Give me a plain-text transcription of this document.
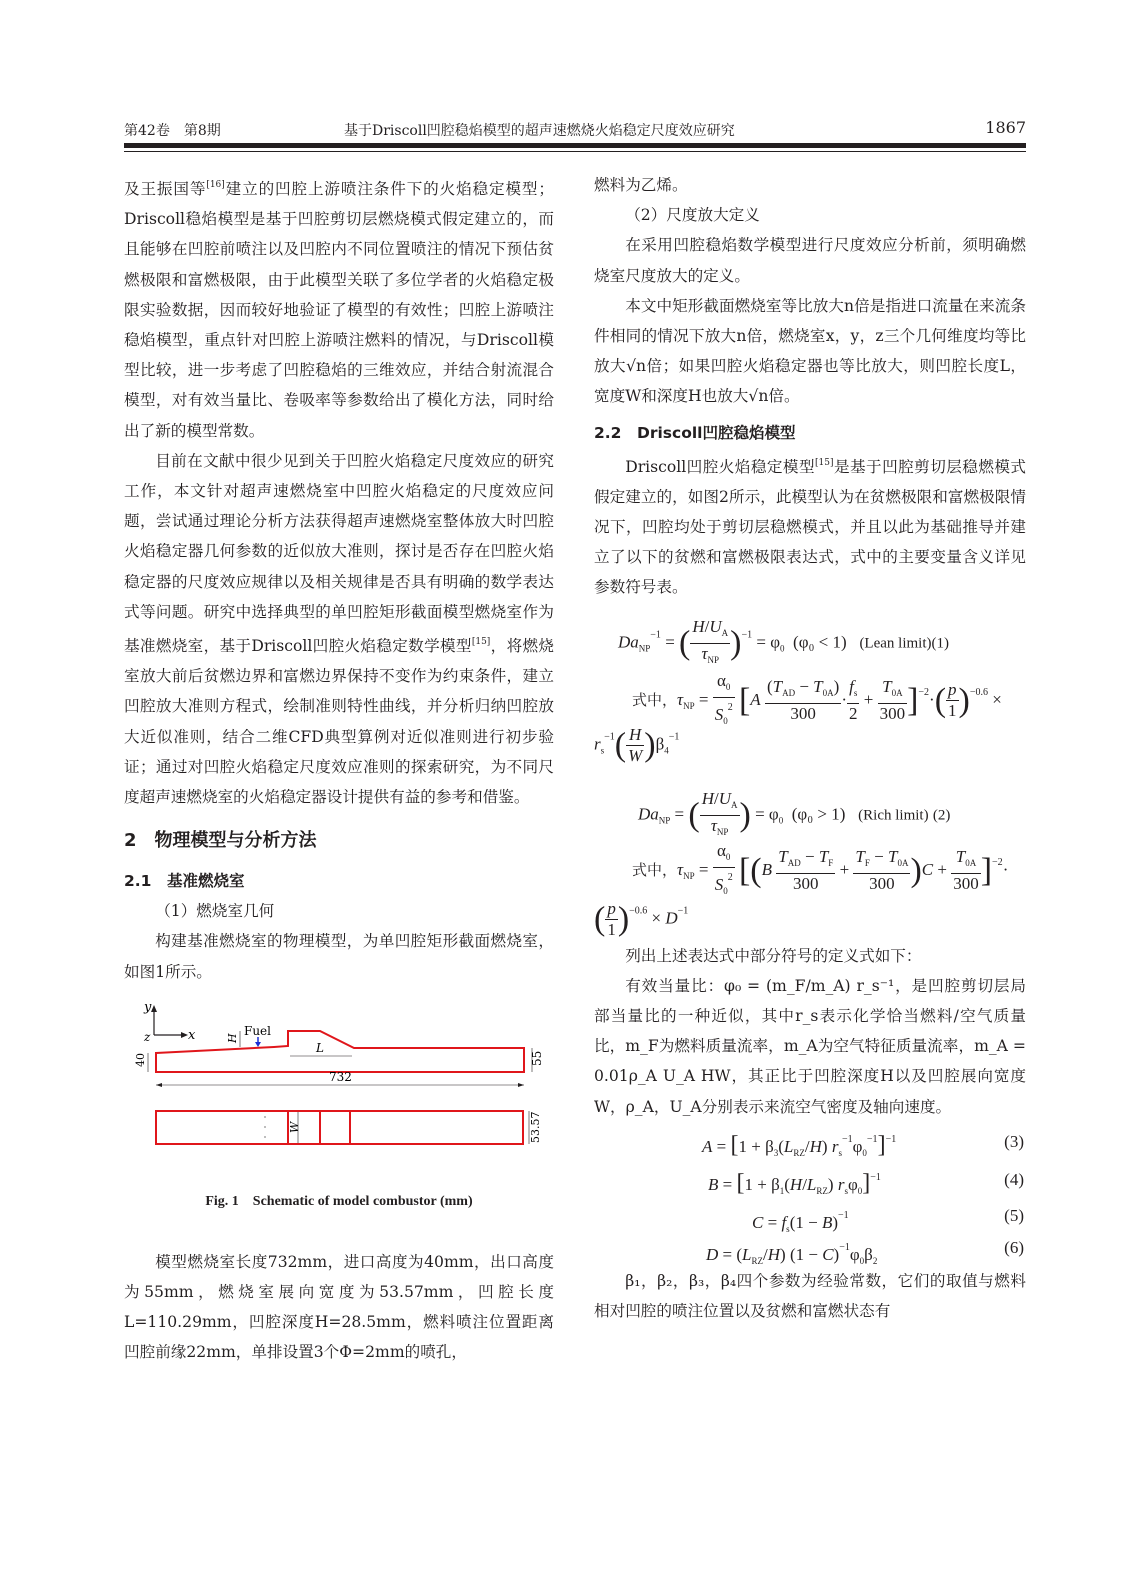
第42卷　第8期	基于Driscoll凹腔稳焰模型的超声速燃烧火焰稳定尺度效应研究	1867

及王振国等[16]建立的凹腔上游喷注条件下的火焰稳定模型；Driscoll稳焰模型是基于凹腔剪切层燃烧模式假定建立的，而且能够在凹腔前喷注以及凹腔内不同位置喷注的情况下预估贫燃极限和富燃极限，由于此模型关联了多位学者的火焰稳定极限实验数据，因而较好地验证了模型的有效性；凹腔上游喷注稳焰模型，重点针对凹腔上游喷注燃料的情况，与Driscoll模型比较，进一步考虑了凹腔稳焰的三维效应，并结合射流混合模型，对有效当量比、卷吸率等参数给出了模化方法，同时给出了新的模型常数。

目前在文献中很少见到关于凹腔火焰稳定尺度效应的研究工作，本文针对超声速燃烧室中凹腔火焰稳定的尺度效应问题，尝试通过理论分析方法获得超声速燃烧室整体放大时凹腔火焰稳定器几何参数的近似放大准则，探讨是否存在凹腔火焰稳定器的尺度效应规律以及相关规律是否具有明确的数学表达式等问题。研究中选择典型的单凹腔矩形截面模型燃烧室作为基准燃烧室，基于Driscoll凹腔火焰稳定数学模型[15]，将燃烧室放大前后贫燃边界和富燃边界保持不变作为约束条件，建立凹腔放大准则方程式，绘制准则特性曲线，并分析归纳凹腔放大近似准则，结合二维CFD典型算例对近似准则进行初步验证；通过对凹腔火焰稳定尺度效应准则的探索研究，为不同尺度超声速燃烧室的火焰稳定器设计提供有益的参考和借鉴。

2　物理模型与分析方法
2.1　基准燃烧室

（1）燃烧室几何

构建基准燃烧室的物理模型，为单凹腔矩形截面燃烧室，如图1所示。

y
x
z	Fuel
H
L
40	55
732
W	53.57
Fig. 1　Schematic of model combustor (mm)

模型燃烧室长度732mm，进口高度为40mm，出口高度为55mm，燃烧室展向宽度为53.57mm，凹腔长度L=110.29mm，凹腔深度H=28.5mm，燃料喷注位置距离凹腔前缘22mm，单排设置3个Φ=2mm的喷孔，

燃料为乙烯。

（2）尺度放大定义

在采用凹腔稳焰数学模型进行尺度效应分析前，须明确燃烧室尺度放大的定义。

本文中矩形截面燃烧室等比放大n倍是指进口流量在来流条件相同的情况下放大n倍，燃烧室x，y，z三个几何维度均等比放大√n倍；如果凹腔火焰稳定器也等比放大，则凹腔长度L，宽度W和深度H也放大√n倍。

2.2　Driscoll凹腔稳焰模型

Driscoll凹腔火焰稳定模型[15]是基于凹腔剪切层稳燃模式假定建立的，如图2所示，此模型认为在贫燃极限和富燃极限情况下，凹腔均处于剪切层稳燃模式，并且以此为基础推导并建立了以下的贫燃和富燃极限表达式，式中的主要变量含义详见参数符号表。

$Da_{NP}^{-1}$ = ( $\frac{H/U_A}{\tau_{NP}} )^{-1} = \varphi_0$ (φ₀ < 1) (Lean limit)(1)
式中，$\tau_{NP} = \frac{\alpha_0}{S_0^2} [A \frac{(T_{AD} - T_{0A})}{300} \cdot \frac{f_s}{2} + \frac{T_{0A}}{300} ]^{-2}\cdot( \frac{p}{1} )^{-0.6}$ ×
$r_s^{-1}( \frac{H}{W} )\beta_4^{-1}$
$Da_{NP}$ = ( $\frac{H/U_A}{\tau_{NP}}$ ) = $\varphi_0$ (φ₀ > 1) (Rich limit) (2)
式中，$\tau_{NP} = \frac{\alpha_0}{S_0^2} [(B \frac{T_{AD} - T_F}{300} + \frac{T_F - T_{0A}}{300} )C + \frac{T_{0A}}{300} ]^{-2}\cdot$
( $\frac{p}{1} )^{-0.6} \times D^{-1}$

列出上述表达式中部分符号的定义式如下：

有效当量比：φ₀ = (m_F/m_A) r_s⁻¹，是凹腔剪切层局部当量比的一种近似，其中r_s表示化学恰当燃料/空气质量比，m_F为燃料质量流率，m_A为空气特征质量流率，m_A = 0.01ρ_A U_A HW，其正比于凹腔深度H以及凹腔展向宽度W，ρ_A，U_A分别表示来流空气密度及轴向速度。

$A = [1 + \beta_3(L_{RZ}/H)$ $r_s^{-1}\varphi_0^{-1}]^{-1}$	(3)
$B = [1 + \beta_1(H/L_{RZ})$ $r_s\varphi_0]^{-1}$	(4)
$C = f_s(1 - B)^{-1}$	(5)
$D = (L_{RZ}/H) (1 - C)^{-1}\varphi_0\beta_2$
(6)

β₁，β₂，β₃，β₄四个参数为经验常数，它们的取值与燃料相对凹腔的喷注位置以及贫燃和富燃状态有
